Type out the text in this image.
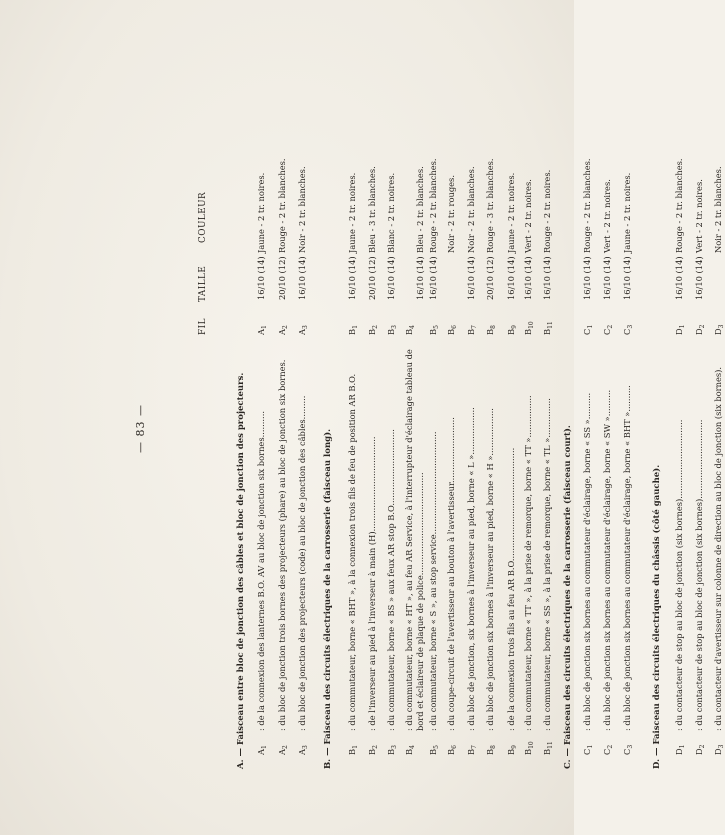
— 83 —
FIL
TAILLE
COULEUR
A. — Faisceau entre bloc de jonction des câbles et bloc de jonction des projecteurs. $A_1$
: de la connexion des lanternes B.O. AV au bloc de jonction six bornes..........
$A_1$
16/10 (14)
Jaune - 2 tr. noires.
$A_2$
: du bloc de jonction trois bornes des projecteurs (phare) au bloc de jonction six bornes.
$A_2$
20/10 (12)
Rouge - 2 tr. blanches.
$A_3$
: du bloc de jonction des projecteurs (code) au bloc de jonction des câbles.........
$A_3$
16/10 (14)
Noir - 2 tr. blanches.
B. — Faisceau des circuits électriques de la carrosserie (faisceau long). $B_1$
: du commutateur, borne « BHT », à la connexion trois fils de feu de position AR B.O.
$B_1$
16/10 (14)
Jaune - 2 tr. noires.
$B_2$
: de l'inverseur au pied à l'inverseur à main (H)....................................
$B_2$
20/10 (12)
Bleu - 3 tr. blanches.
$B_3$
: du commutateur, borne « BS » aux feux AR stop B.O.............................
$B_3$
16/10 (14)
Blanc - 2 tr. noires.
$B_4$
: du commutateur, borne « HT », au feu AR Service, à l'interrupteur d'éclairage tableau de bord et éclaireur de plaque de police.......................................
$B_4$
16/10 (14)
Bleu - 2 tr. blanches.
$B_5$
: du commutateur, borne « S », au stop service.......................................
$B_5$
16/10 (14)
Rouge - 2 tr. blanches.
$B_6$
: du coupe-circuit de l'avertisseur au bouton à l'avertisseur.........................
$B_6$
Noir - 2 tr. rouges.
$B_7$
: du bloc de jonction, six bornes à l'inverseur au pied, borne « L »..................
$B_7$
16/10 (14)
Noir - 2 tr. blanches.
$B_8$
: du bloc de jonction six bornes à l'inverseur au pied, borne « H »..................
$B_8$
20/10 (12)
Rouge - 3 tr. blanches.
$B_9$
: de la connexion trois fils au feu AR B.O...........................................
$B_9$
16/10 (14)
Jaune - 2 tr. noires.
$B_{10}$
: du commutateur, borne « TT », à la prise de remorque, borne « TT »................
$B_{10}$
16/10 (14)
Vert - 2 tr. noires.
$B_{11}$
: du commutateur, borne « SS », à la prise de remorque, borne « TL »...............
$B_{11}$
16/10 (14)
Rouge - 2 tr. noires.
C. — Faisceau des circuits électriques de la carrosserie (faisceau court). $C_1$
: du bloc de jonction six bornes au commutateur d'éclairage, borne « SS »..........
$C_1$
16/10 (14)
Rouge - 2 tr. blanches.
$C_2$
: du bloc de jonction six bornes au commutateur d'éclairage, borne « SW »..........
$C_2$
16/10 (14)
Vert - 2 tr. noires.
$C_3$
: du bloc de jonction six bornes au commutateur d'éclairage, borne « BHT »..........
$C_3$
16/10 (14)
Jaune - 2 tr. noires.
D. — Faisceau des circuits électriques du châssis (côté gauche). $D_1$
: du contacteur de stop au bloc de jonction (six bornes)..............................
$D_1$
16/10 (14)
Rouge - 2 tr. blanches.
$D_2$
: du contacteur de stop au bloc de jonction (six bornes)..............................
$D_2$
16/10 (14)
Vert - 2 tr. noires.
$D_3$
: du contacteur d'avertisseur sur colonne de direction au bloc de jonction (six bornes).
$D_3$
Noir - 2 tr. blanches.
